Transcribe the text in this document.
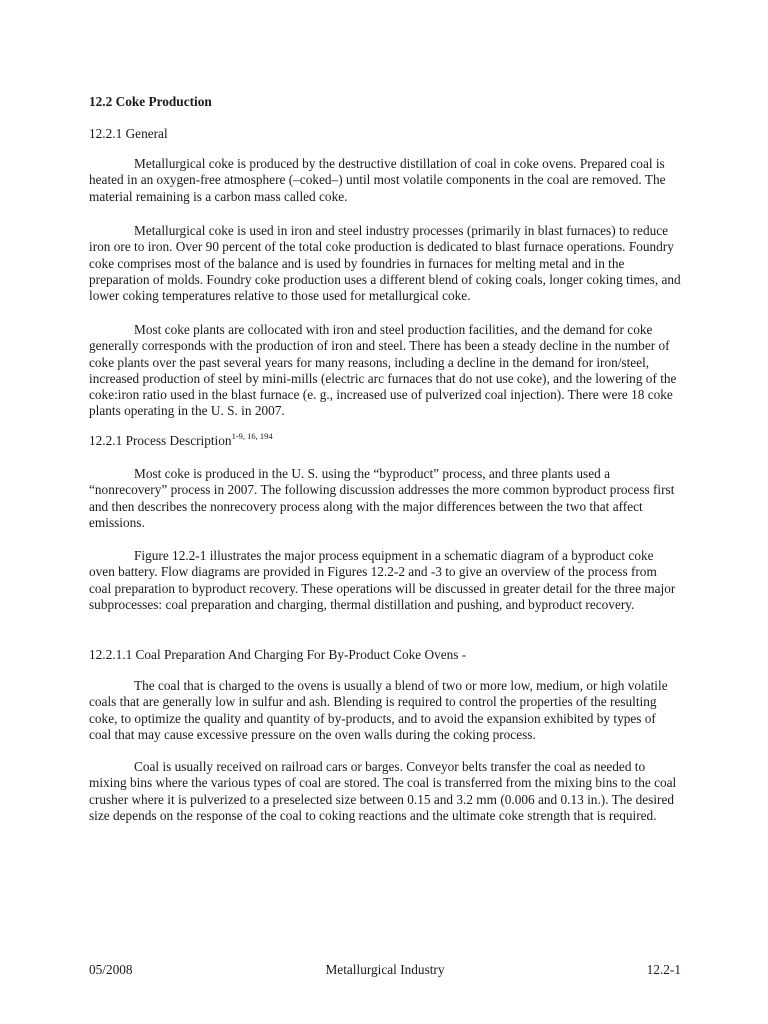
12.2 Coke Production
12.2.1 General

Metallurgical coke is produced by the destructive distillation of coal in coke ovens. Prepared coal is heated in an oxygen-free atmosphere (–coked–) until most volatile components in the coal are removed. The material remaining is a carbon mass called coke.

Metallurgical coke is used in iron and steel industry processes (primarily in blast furnaces) to reduce iron ore to iron. Over 90 percent of the total coke production is dedicated to blast furnace operations. Foundry coke comprises most of the balance and is used by foundries in furnaces for melting metal and in the preparation of molds. Foundry coke production uses a different blend of coking coals, longer coking times, and lower coking temperatures relative to those used for metallurgical coke.

Most coke plants are collocated with iron and steel production facilities, and the demand for coke generally corresponds with the production of iron and steel. There has been a steady decline in the number of coke plants over the past several years for many reasons, including a decline in the demand for iron/steel, increased production of steel by mini-mills (electric arc furnaces that do not use coke), and the lowering of the coke:iron ratio used in the blast furnace (e. g., increased use of pulverized coal injection). There were 18 coke plants operating in the U. S. in 2007.

12.2.1 Process Description$^{1-9, 16, 194}$

Most coke is produced in the U. S. using the “byproduct” process, and three plants used a “nonrecovery” process in 2007. The following discussion addresses the more common byproduct process first and then describes the nonrecovery process along with the major differences between the two that affect emissions.

Figure 12.2-1 illustrates the major process equipment in a schematic diagram of a byproduct coke oven battery. Flow diagrams are provided in Figures 12.2-2 and -3 to give an overview of the process from coal preparation to byproduct recovery. These operations will be discussed in greater detail for the three major subprocesses: coal preparation and charging, thermal distillation and pushing, and byproduct recovery.

12.2.1.1 Coal Preparation And Charging For By-Product Coke Ovens -

The coal that is charged to the ovens is usually a blend of two or more low, medium, or high volatile coals that are generally low in sulfur and ash. Blending is required to control the properties of the resulting coke, to optimize the quality and quantity of by-products, and to avoid the expansion exhibited by types of coal that may cause excessive pressure on the oven walls during the coking process.

Coal is usually received on railroad cars or barges. Conveyor belts transfer the coal as needed to mixing bins where the various types of coal are stored. The coal is transferred from the mixing bins to the coal crusher where it is pulverized to a preselected size between 0.15 and 3.2 mm (0.006 and 0.13 in.). The desired size depends on the response of the coal to coking reactions and the ultimate coke strength that is required.

05/2008	Metallurgical Industry	12.2-1
